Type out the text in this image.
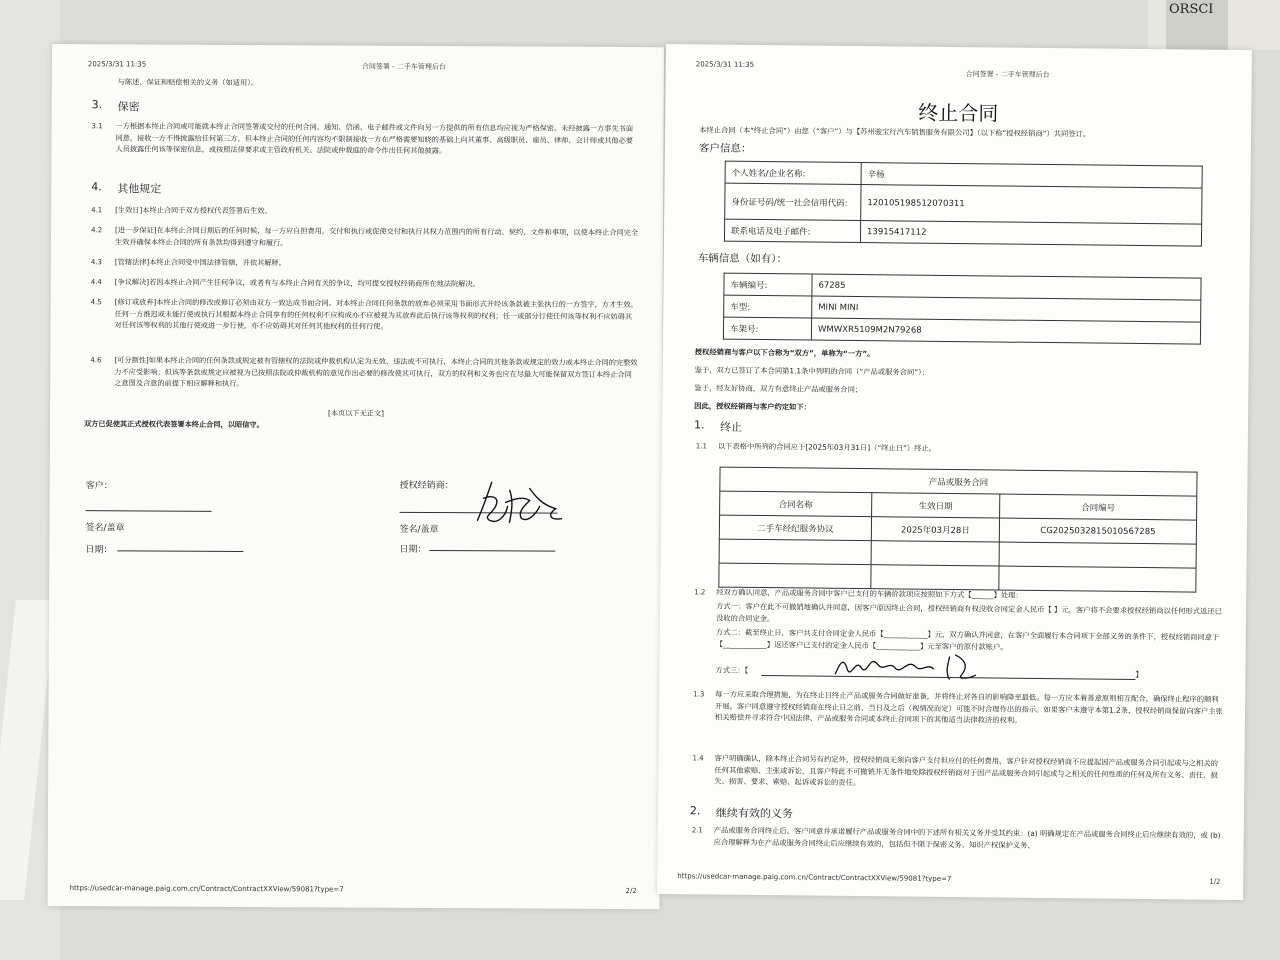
ORSCI
2025/3/31 11:35	合同签署 - 二手车管理后台
与陈述、保证和赔偿相关的义务（如适用）。
3. 保密
3.1 一方根据本终止合同或可能就本终止合同签署或交付的任何合同、通知、信函、电子邮件或文件向另一方提供的所有信息均应视为严格保密。未经披露一方事先书面同意，接收一方不得披露给任何第三方，但本终止合同的任何内容均不限制接收一方在严格需要知晓的基础上向其董事、高级职员、雇员、律师、会计师或其他必要人员披露任何该等保密信息，或按照法律要求或主管政府机关、法院或仲裁庭的命令作出任何其他披露。
4. 其他规定
4.1 [生效日]本终止合同于双方授权代表签署后生效。
4.2 [进一步保证]在本终止合同日期后的任何时候，每一方应自担费用，交付和执行或促使交付和执行其权力范围内的所有行动、契约、文件和事项，以使本终止合同完全生效并确保本终止合同的所有条款均得到遵守和履行。
4.3 [管辖法律]本终止合同受中国法律管辖，并依其解释。
4.4 [争议解决]若因本终止合同产生任何争议，或者有与本终止合同有关的争议，均可提交授权经销商所在地法院解决。
4.5 [修订或放弃]本终止合同的修改或修订必须由双方一致达成书面合同。对本终止合同任何条款的放弃必须采用书面形式并经该条款被主张执行的一方签字，方才生效。任何一方推迟或未能行使或执行其根据本终止合同享有的任何权利不应构成亦不应被视为其放弃此后执行该等权利的权利；任一或部分行使任何该等权利不应妨碍其对任何该等权利的其他行使或进一步行使，亦不应妨碍其对任何其他权利的任何行使。
4.6 [可分割性]如果本终止合同的任何条款或规定被有管辖权的法院或仲裁机构认定为无效、违法或不可执行，本终止合同的其他条款或规定的效力或本终止合同的完整效力不应受影响；但该等条款或规定应被视为已按照法院或仲裁机构的意见作出必要的修改使其可执行，双方的权利和义务也应在尽最大可能保留双方签订本终止合同之意图及合意的前提下相应解释和执行。
[本页以下无正文]
双方已促使其正式授权代表签署本终止合同，以昭信守。
客户：
签名/盖章
日期：
授权经销商：
签名/盖章
日期：
https://usedcar-manage.paig.com.cn/Contract/ContractXXView/59081?type=7	2/2
2025/3/31 11:35
合同签署 - 二手车管理后台
终止合同
本终止合同（本“终止合同”）由您（“客户”）与【苏州骏宝行汽车销售服务有限公司】（以下称“授权经销商”）共同签订。
客户信息：
个人姓名/企业名称:	辛杨
身份证号码/统一社会信用代码:	120105198512070311
联系电话及电子邮件:	13915417112
车辆信息（如有）：
车辆编号:	67285
车型:	MINI MINI
车架号:	WMWXR5109M2N79268
授权经销商与客户以下合称为“双方”，单称为“一方”。
鉴于，双方已签订了本合同第1.1条中列明的合同（“产品或服务合同”）；
鉴于，经友好协商，双方有意终止产品或服务合同；
因此，授权经销商与客户约定如下：
1. 终止
1.1 以下表格中所列的合同应于[2025年03月31日]（“终止日”）终止。
产品或服务合同		
合同名称	生效日期	合同编号
二手车经纪服务协议	2025年03月28日	CG2025032815010567285

1.2 经双方确认同意，产品或服务合同中客户已支付的车辆价款项应按照如下方式【______】处理：
方式一：客户在此不可撤销地确认并同意，因客户原因终止合同，授权经销商有权没收合同定金人民币【 】元，客户将不会要求授权经销商以任何形式返还已没收的合同定金。
方式二：截至终止日，客户共支付合同定金人民币【____________】元，双方确认并同意，在客户全面履行本合同项下全部义务的条件下，授权经销商同意于【____________】返还客户已支付的定金人民币【____________】元至客户的原付款账户。
方式三：【	】
1.3 每一方应采取合理措施，为在终止日终止产品或服务合同做好准备，并将终止对各自的影响降至最低。每一方应本着善意原则相互配合，确保终止程序的顺利开展。客户同意遵守授权经销商在终止日之前、当日及之后（视情况而定）可能不时合理作出的指示。如果客户未遵守本第1.2条，授权经销商保留向客户主张相关赔偿并寻求符合中国法律、产品或服务合同或本终止合同项下的其他适当法律救济的权利。
1.4 客户明确确认，除本终止合同另有约定外，授权经销商无须向客户支付但应付的任何费用，客户针对授权经销商不应提起因产品或服务合同引起或与之相关的任何其他索赔、主张或诉讼，且客户特此不可撤销并无条件地免除授权经销商对于因产品或服务合同引起或与之相关的任何性质的任何及所有义务、责任、损失、损害、要求、索赔、起诉或诉讼的责任。
2. 继续有效的义务
2.1 产品或服务合同终止后，客户同意并承诺履行产品或服务合同中的下述所有相关义务并受其约束：(a) 明确规定在产品或服务合同终止后应继续有效的，或 (b) 应合理解释为在产品或服务合同终止后应继续有效的，包括但不限于保密义务、知识产权保护义务、
https://usedcar-manage.paig.com.cn/Contract/ContractXXView/59081?type=7	1/2
